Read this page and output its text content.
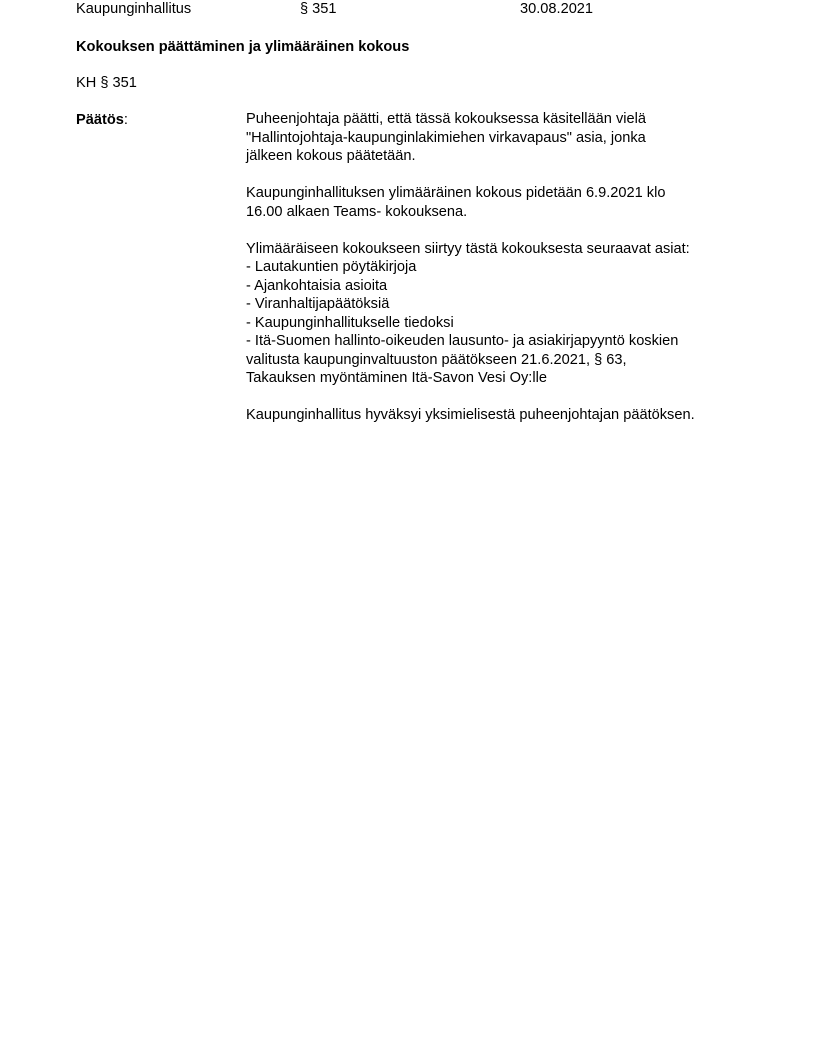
Kaupunginhallitus	§ 351	30.08.2021
Kokouksen päättäminen ja ylimääräinen kokous
KH § 351
Päätös:	Puheenjohtaja päätti, että tässä kokouksessa käsitellään vielä
"Hallintojohtaja-kaupunginlakimiehen virkavapaus" asia, jonka
jälkeen kokous päätetään.
Kaupunginhallituksen ylimääräinen kokous pidetään 6.9.2021 klo
16.00 alkaen Teams- kokouksena.
Ylimääräiseen kokoukseen siirtyy tästä kokouksesta seuraavat asiat:
- Lautakuntien pöytäkirjoja
- Ajankohtaisia asioita
- Viranhaltijapäätöksiä
- Kaupunginhallitukselle tiedoksi
- Itä-Suomen hallinto-oikeuden lausunto- ja asiakirjapyyntö koskien
valitusta kaupunginvaltuuston päätökseen 21.6.2021, § 63,
Takauksen myöntäminen Itä-Savon Vesi Oy:lle
Kaupunginhallitus hyväksyi yksimielisestä puheenjohtajan päätöksen.
